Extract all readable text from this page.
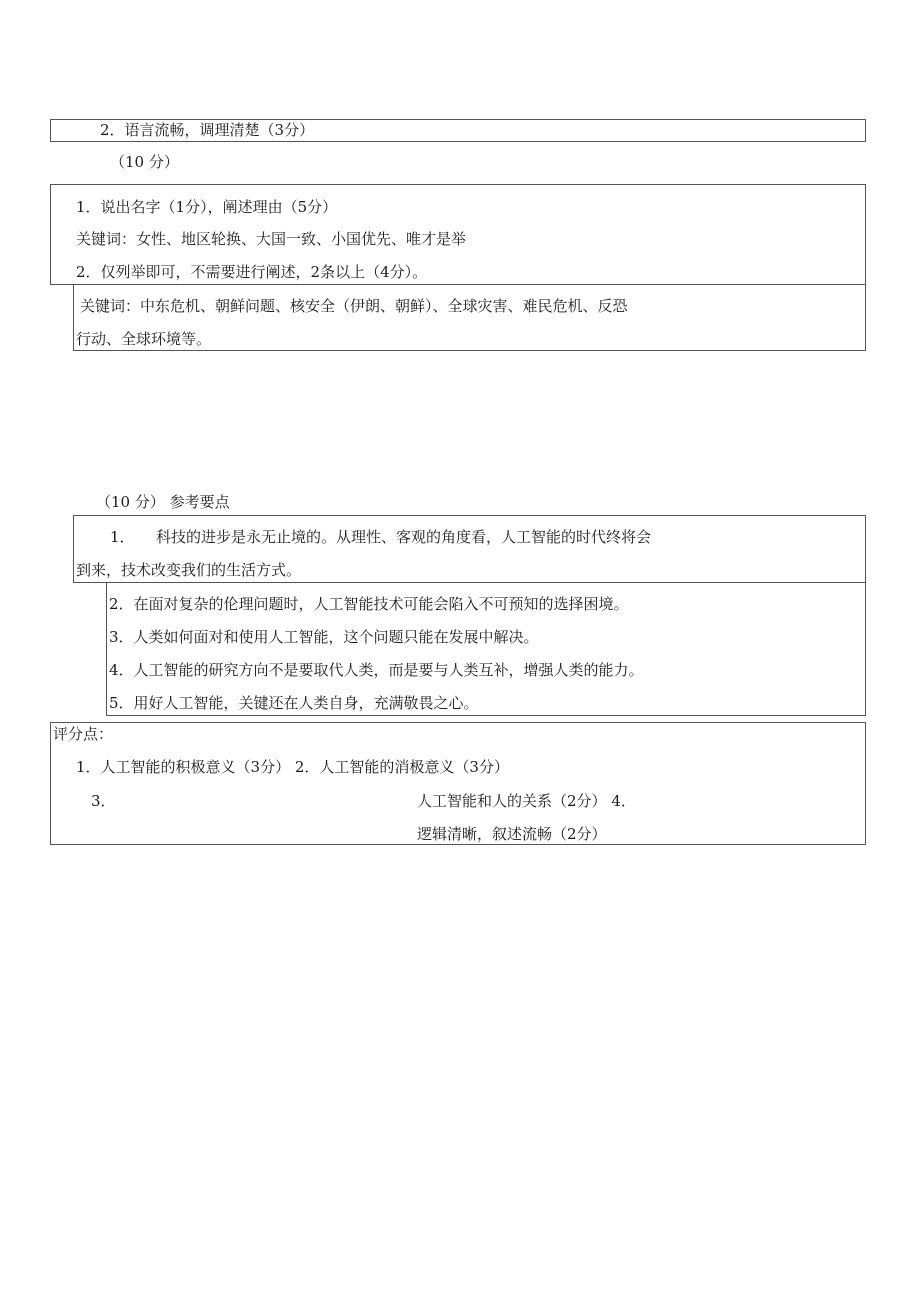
2．语言流畅，调理清楚（3分）
（10 分）
1．说出名字（1分），阐述理由（5分）
关键词：女性、地区轮换、大国一致、小国优先、唯才是举
2．仅列举即可，不需要进行阐述，2条以上（4分）。
关键词：中东危机、朝鲜问题、核安全（伊朗、朝鲜）、全球灾害、难民危机、反恐
行动、全球环境等。
（10 分） 参考要点
1． 科技的进步是永无止境的。从理性、客观的角度看，人工智能的时代终将会
到来，技术改变我们的生活方式。
2．在面对复杂的伦理问题时，人工智能技术可能会陷入不可预知的选择困境。
3．人类如何面对和使用人工智能，这个问题只能在发展中解决。
4．人工智能的研究方向不是要取代人类，而是要与人类互补，增强人类的能力。
5．用好人工智能，关键还在人类自身，充满敬畏之心。
评分点：
1．人工智能的积极意义（3分） 2．人工智能的消极意义（3分）
3．	人工智能和人的关系（2分） 4．
逻辑清晰，叙述流畅（2分）
